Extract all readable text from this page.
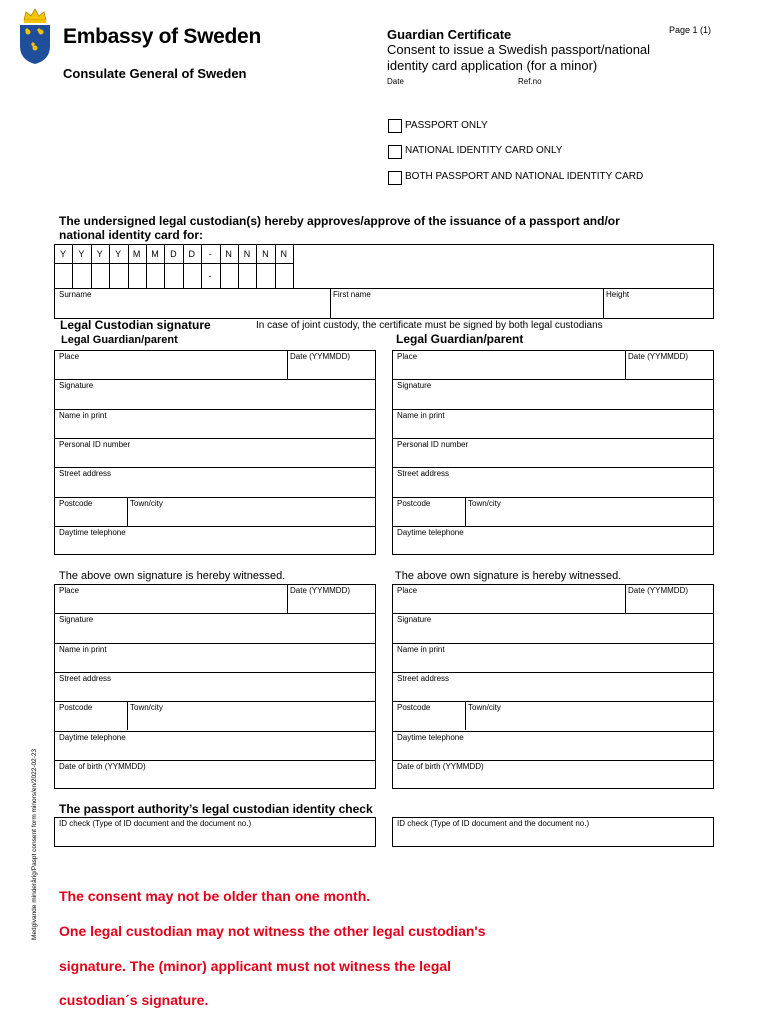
Embassy of Sweden
Consulate General of Sweden
Page 1 (1)
Guardian Certificate
Consent to issue a Swedish passport/national
identity card application (for a minor)
Date	Ref.no
PASSPORT ONLY
NATIONAL IDENTITY CARD ONLY
BOTH PASSPORT AND NATIONAL IDENTITY CARD
The undersigned legal custodian(s) hereby approves/approve of the issuance of a passport and/or
national identity card for:
Y	Y	Y	Y	M	M	D	D	-	N	N	N	N
-
Surname	First name	Height
Legal Custodian signature	In case of joint custody, the certificate must be signed by both legal custodians
Legal Guardian/parent	Legal Guardian/parent
Place	Date (YYMMDD)
Signature
Name in print
Personal ID number
Street address
Postcode	Town/city
Daytime telephone
Place	Date (YYMMDD)
Signature
Name in print
Personal ID number
Street address
Postcode	Town/city
Daytime telephone
Place	Date (YYMMDD)
Signature
Name in print
Street address
Postcode	Town/city
Daytime telephone
Date of birth (YYMMDD)
Place	Date (YYMMDD)
Signature
Name in print
Street address
Postcode	Town/city
Daytime telephone
Date of birth (YYMMDD)
The above own signature is hereby witnessed.	The above own signature is hereby witnessed.
The passport authority’s legal custodian identity check
ID check (Type of ID document and the document no.)	ID check (Type of ID document and the document no.)
The consent may not be older than one month.
One legal custodian may not witness the other legal custodian's
signature. The (minor) applicant must not witness the legal
custodian´s signature.
Medgivande minderårig/Paspt consent form minors/en/2022-02-23
